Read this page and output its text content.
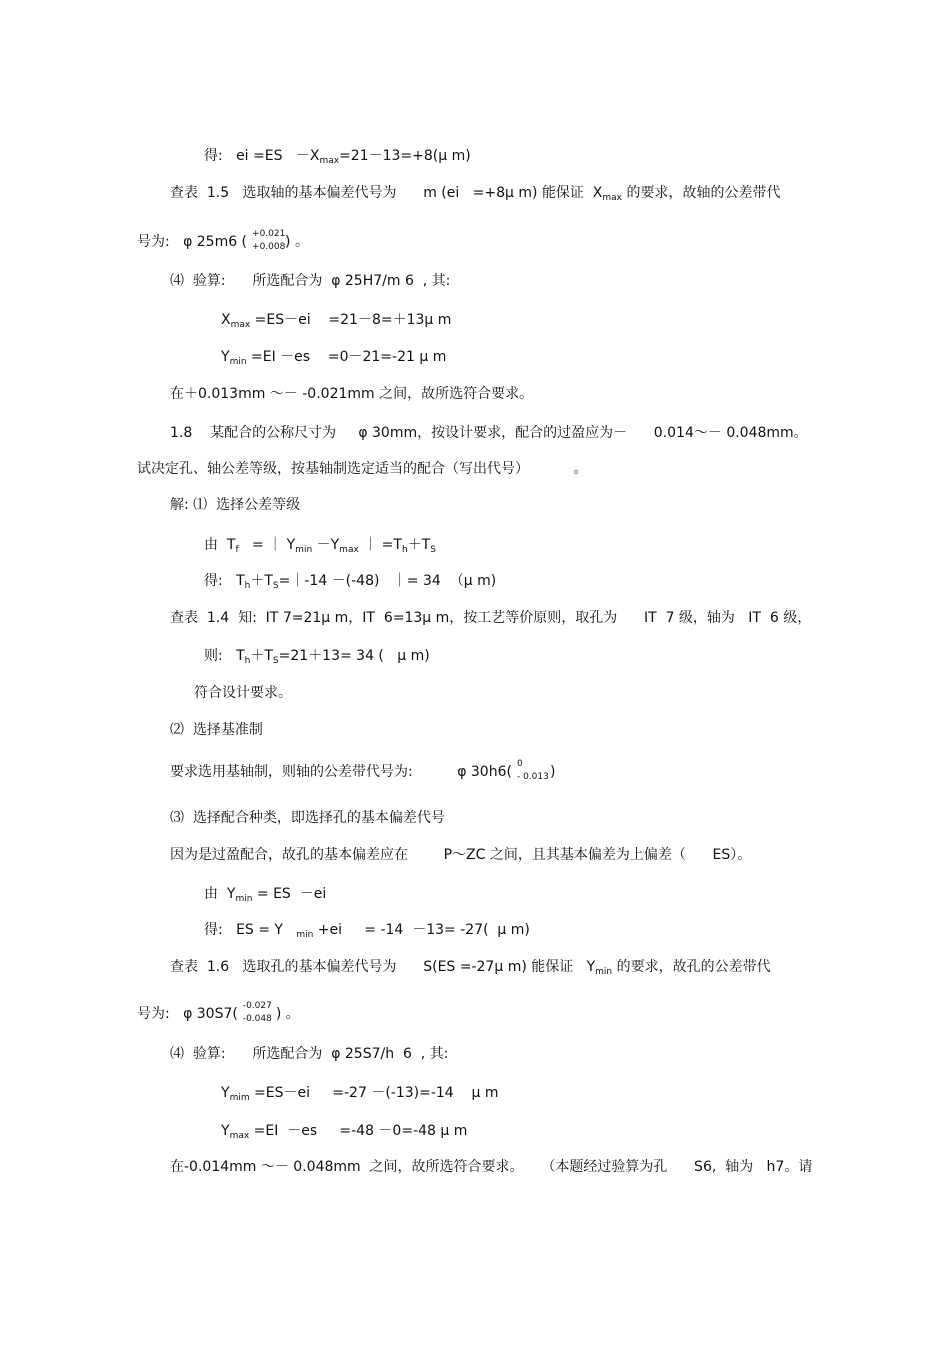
得:   ei $=ES -X_{max}=21-13=+8(\mu$ m)
查表  1.5   选取轴的基本偏差代号为      m (ei   =+8μ m) 能保证  $X_{max}$ 的要求，故轴的公差带代
号为:   φ 25m6 ( +0.021
+0.008 ) 。
⑷  验算:      所选配合为  φ 25H7/m 6  , 其:
$X_{max} =ES-ei$    =21－8=＋13μ m
$Y_{min} =EI -es$    =0－21=-21 μ m
在＋0.013mm ～－ -0.021mm 之间，故所选符合要求。
1.8    某配合的公称尺寸为     φ 30mm，按设计要求，配合的过盈应为－      0.014～－ 0.048mm。
试决定孔、轴公差等级，按基轴制选定适当的配合（写出代号）          。
解: ⑴  选择公差等级
由  $T_f$   = ｜ $Y_{min} -Y_{max}$ ｜ $=T_h+T_S$
得:   $T_h+T_S=|-14 -(-48)$   ｜= 34  （μ m)
查表  1.4  知:  IT 7=21μ m，IT  6=13μ m，按工艺等价原则，取孔为      IT  7 级，轴为   IT  6 级，
则:   $T_h+T_S=21+13= 34$ (   μ m)
符合设计要求。
⑵  选择基准制
要求选用基轴制，则轴的公差带代号为:          φ 30h6( 0
- 0.013 )
⑶  选择配合种类，即选择孔的基本偏差代号
因为是过盈配合，故孔的基本偏差应在        P～ZC 之间，且其基本偏差为上偏差（      ES）。
由  $Y_{min}$ = ES  －ei
得:   ES = Y   $_{min}$ +ei     = -14  －13= -27(  μ m)
查表  1.6   选取孔的基本偏差代号为      S(ES =-27μ m) 能保证   $Y_{min}$ 的要求，故孔的公差带代
号为:   φ 30S7( -0.027
-0.048 ) 。
⑷  验算:      所选配合为  φ 25S7/h  6  , 其:
$Y_{mim} =ES-ei$     =-27 －(-13)=-14    μ m
$Y_{max} =EI -es$     =-48 －0=-48 μ m
在-0.014mm ～－ 0.048mm  之间，故所选符合要求。    （本题经过验算为孔      S6,  轴为   h7。请
